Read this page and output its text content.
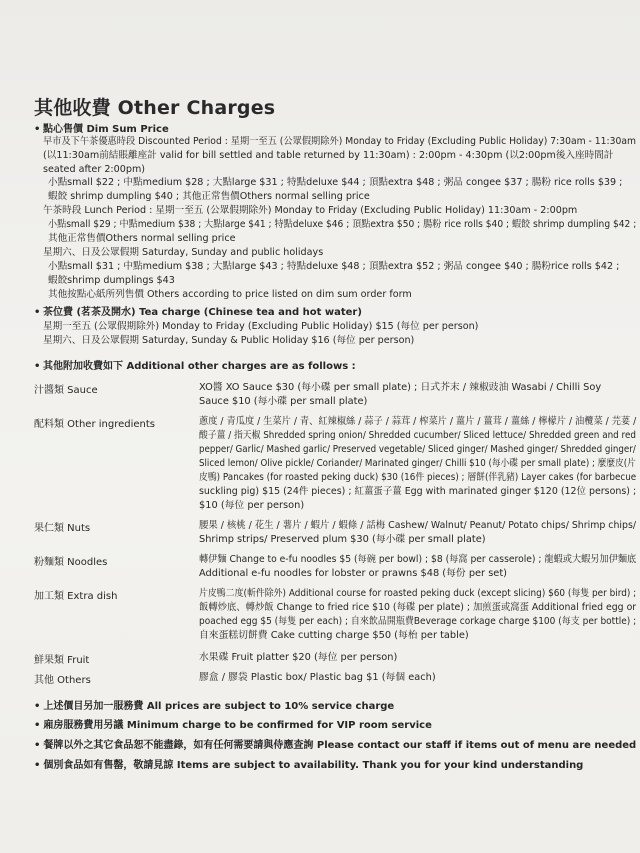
其他收費 Other Charges
• 點心售價 Dim Sum Price
早市及下午茶優惠時段 Discounted Period : 星期一至五 (公眾假期除外) Monday to Friday (Excluding Public Holiday) 7:30am - 11:30am
(以11:30am前結賬離座計 valid for bill settled and table returned by 11:30am) : 2:00pm - 4:30pm (以2:00pm後入座時間計
seated after 2:00pm)
小點small $22 ; 中點medium $28 ; 大點large $31 ; 特點deluxe $44 ; 頂點extra $48 ; 粥品 congee $37 ; 腸粉 rice rolls $39 ;
蝦餃 shrimp dumpling $40 ; 其他正常售價Others normal selling price
午茶時段 Lunch Period : 星期一至五 (公眾假期除外) Monday to Friday (Excluding Public Holiday) 11:30am - 2:00pm
小點small $29 ; 中點medium $38 ; 大點large $41 ; 特點deluxe $46 ; 頂點extra $50 ; 腸粉 rice rolls $40 ; 蝦餃 shrimp dumpling $42 ;
其他正常售價Others normal selling price
星期六、日及公眾假期 Saturday, Sunday and public holidays
小點small $31 ; 中點medium $38 ; 大點large $43 ; 特點deluxe $48 ; 頂點extra $52 ; 粥品 congee $40 ; 腸粉rice rolls $42 ;
蝦餃shrimp dumplings $43
其他按點心紙所列售價 Others according to price listed on dim sum order form
• 茶位費 (茗茶及開水) Tea charge (Chinese tea and hot water)
星期一至五 (公眾假期除外) Monday to Friday (Excluding Public Holiday) $15 (每位 per person)
星期六、日及公眾假期 Saturday, Sunday & Public Holiday $16 (每位 per person)
• 其他附加收費如下 Additional other charges are as follows :
汁醬類 Sauce	XO醬 XO Sauce $30 (每小碟 per small plate) ; 日式芥末 / 辣椒豉油 Wasabi / Chilli Soy
Sauce $10 (每小碟 per small plate)
配料類 Other ingredients	蔥度 / 青瓜度 / 生菜片 / 青、紅辣椒絲 / 蒜子 / 蒜茸 / 榨菜片 / 薑片 / 薑茸 / 薑絲 / 檸檬片 / 油欖菜 / 芫荽 /
酸子薑 / 指天椒 Shredded spring onion/ Shredded cucumber/ Sliced lettuce/ Shredded green and red
pepper/ Garlic/ Mashed garlic/ Preserved vegetable/ Sliced ginger/ Mashed ginger/ Shredded ginger/
Sliced lemon/ Olive pickle/ Coriander/ Marinated ginger/ Chilli $10 (每小碟 per small plate) ; 麼麼皮(片
皮鴨) Pancakes (for roasted peking duck) $30 (16件 pieces) ; 層餅(伴乳豬) Layer cakes (for barbecue
suckling pig) $15 (24件 pieces) ; 紅薑蛋子薑 Egg with marinated ginger $120 (12位 persons) ;
$10 (每位 per person)
果仁類 Nuts	腰果 / 核桃 / 花生 / 薯片 / 蝦片 / 蝦條 / 話梅 Cashew/ Walnut/ Peanut/ Potato chips/ Shrimp chips/
Shrimp strips/ Preserved plum $30 (每小碟 per small plate)
粉麵類 Noodles	轉伊麵 Change to e-fu noodles $5 (每碗 per bowl) ; $8 (每窩 per casserole) ; 龍蝦或大蝦另加伊麵底
Additional e-fu noodles for lobster or prawns $48 (每份 per set)
加工類 Extra dish	片皮鴨二度(斬件除外) Additional course for roasted peking duck (except slicing) $60 (每隻 per bird) ;
飯轉炒底、轉炒飯 Change to fried rice $10 (每碟 per plate) ; 加煎蛋或窩蛋 Additional fried egg or
poached egg $5 (每隻 per each) ; 自來飲品開瓶費Beverage corkage charge $100 (每支 per bottle) ;
自來蛋糕切餅費 Cake cutting charge $50 (每枱 per table)
鮮果類 Fruit	水果碟 Fruit platter $20 (每位 per person)
其他 Others	膠盒 / 膠袋 Plastic box/ Plastic bag $1 (每個 each)
• 上述價目另加一服務費 All prices are subject to 10% service charge
• 廂房服務費用另議 Minimum charge to be confirmed for VIP room service
• 餐牌以外之其它食品恕不能盡錄，如有任何需要請與侍應查詢 Please contact our staff if items out of menu are needed
• 個別食品如有售罄，敬請見諒 Items are subject to availability. Thank you for your kind understanding
